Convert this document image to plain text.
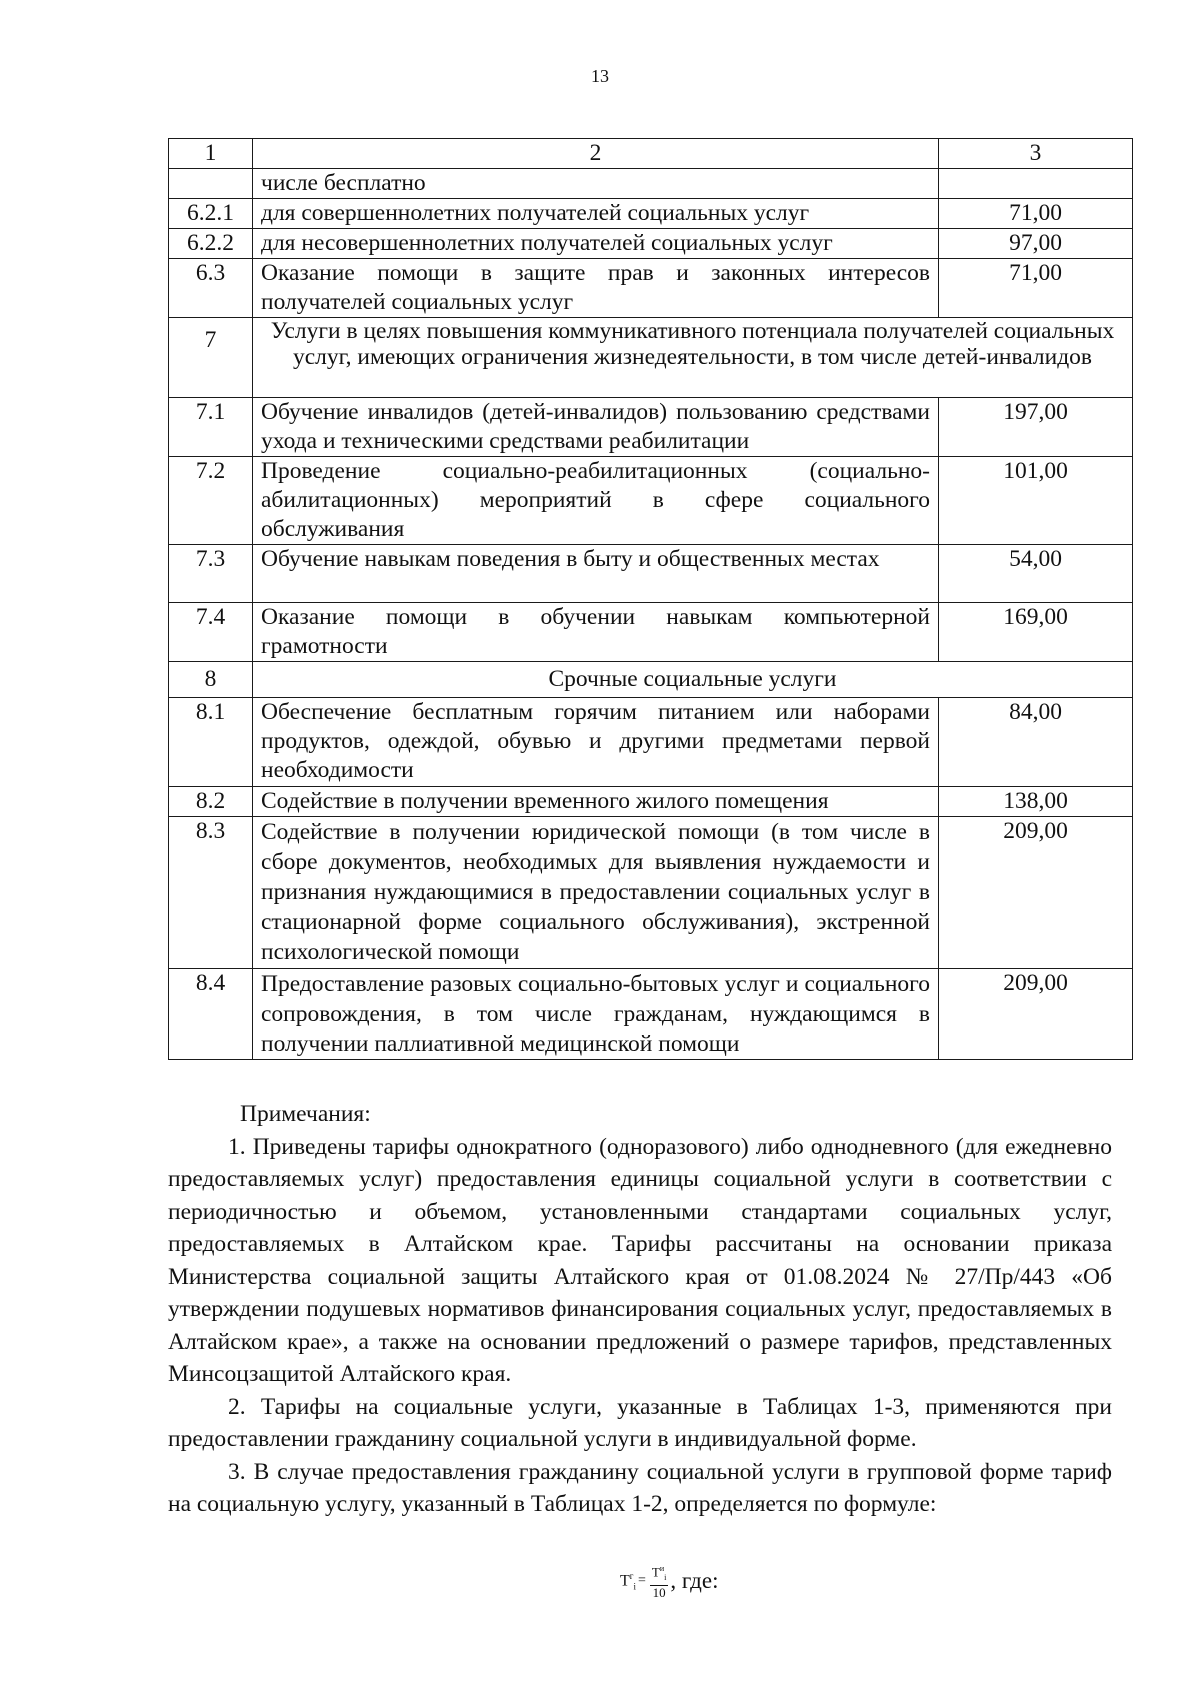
13
1	2	3
	числе бесплатно	
6.2.1	для совершеннолетних получателей социальных услуг	71,00
6.2.2	для несовершеннолетних получателей социальных услуг	97,00
6.3	Оказание помощи в защите прав и законных интересов получателей социальных услуг	71,00
7	Услуги в целях повышения коммуникативного потенциала получателей социальных услуг, имеющих ограничения жизнедеятельности, в том числе детей-инвалидов	
7.1	Обучение инвалидов (детей-инвалидов) пользованию средствами ухода и техническими средствами реабилитации	197,00
7.2	Проведение социально-реабилитационных (социально-абилитационных) мероприятий в сфере социального обслуживания	101,00
7.3	Обучение навыкам поведения в быту и общественных местах	54,00
7.4	Оказание помощи в обучении навыкам компьютерной грамотности	169,00
8	Срочные социальные услуги	
8.1	Обеспечение бесплатным горячим питанием или наборами продуктов, одеждой, обувью и другими предметами первой необходимости	84,00
8.2	Содействие в получении временного жилого помещения	138,00
8.3	Содействие в получении юридической помощи (в том числе в сборе документов, необходимых для выявления нуждаемости и признания нуждающимися в предоставлении социальных услуг в стационарной форме социального обслуживания), экстренной психологической помощи	209,00
8.4	Предоставление разовых социально-бытовых услуг и социального сопровождения, в том числе гражданам, нуждающимся в получении паллиативной медицинской помощи	209,00

Примечания:

1. Приведены тарифы однократного (одноразового) либо однодневного (для ежедневно предоставляемых услуг) предоставления единицы социальной услуги в соответствии с периодичностью и объемом, установленными стандартами социальных услуг, предоставляемых в Алтайском крае. Тарифы рассчитаны на основании приказа Министерства социальной защиты Алтайского края от 01.08.2024 № 27/Пр/443 «Об утверждении подушевых нормативов финансирования социальных услуг, предоставляемых в Алтайском крае», а также на основании предложений о размере тарифов, представленных Минсоцзащитой Алтайского края.

2. Тарифы на социальные услуги, указанные в Таблицах 1-3, применяются при предоставлении гражданину социальной услуги в индивидуальной форме.

3. В случае предоставления гражданину социальной услуги в групповой форме тариф на социальную услугу, указанный в Таблицах 1-2, определяется по формуле:

$T^г_i = \frac{T^и_i}{10}$ , где:
